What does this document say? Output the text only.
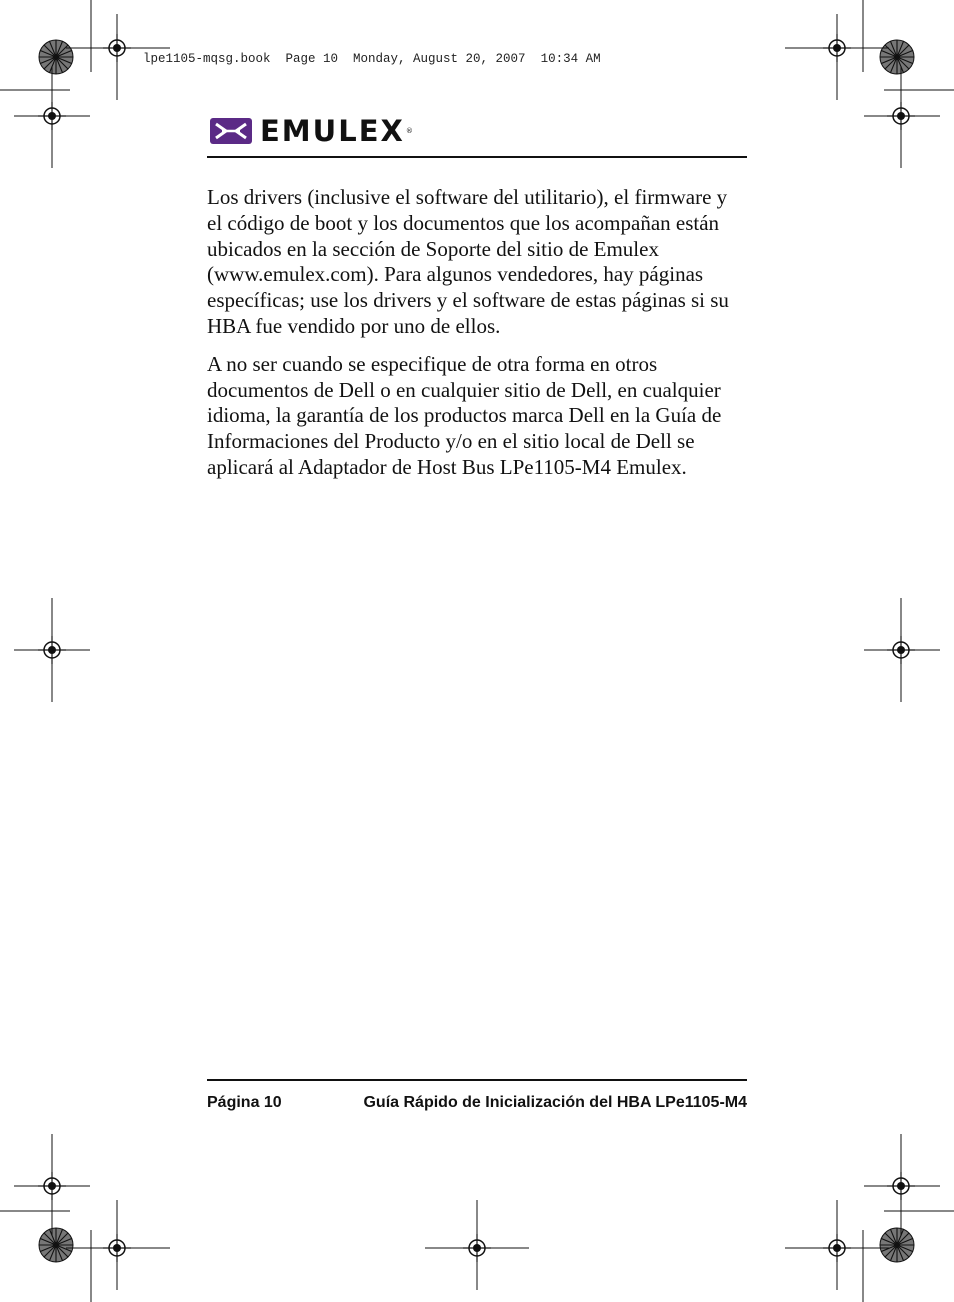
lpe1105-mqsg.book  Page 10  Monday, August 20, 2007  10:34 AM
EMULEX ®

Los drivers (inclusive el software del utilitario), el firmware y el código de boot y los documentos que los acompañan están ubicados en la sección de Soporte del sitio de Emulex (www.emulex.com). Para algunos vendedores, hay páginas específicas; use los drivers y el software de estas páginas si su HBA fue vendido por uno de ellos.

A no ser cuando se especifique de otra forma en otros documentos de Dell o en cualquier sitio de Dell, en cualquier idioma, la garantía de los productos marca Dell en la Guía de Informaciones del Producto y/o en el sitio local de Dell se aplicará al Adaptador de Host Bus LPe1105-M4 Emulex.

Página 10	Guía Rápido de Inicialización del HBA LPe1105-M4
